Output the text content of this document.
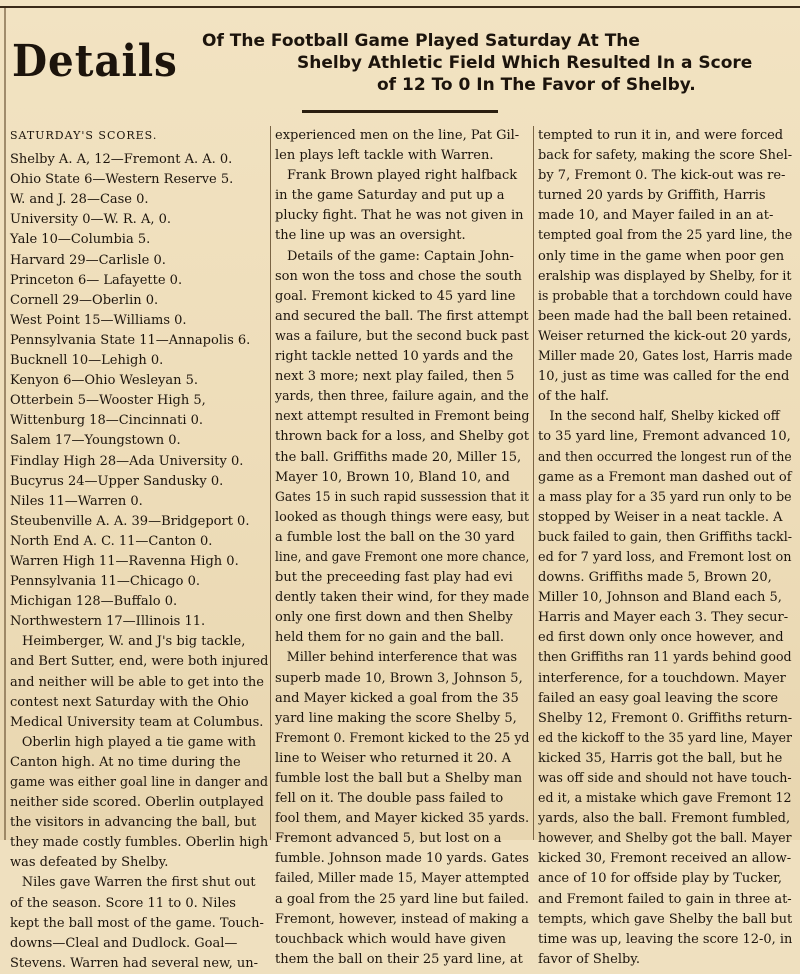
Details	Of The Football Game Played Saturday At The
Shelby Athletic Field Which Resulted In a Score
of 12 To 0 In The Favor of Shelby.
SATURDAY'S SCORES.
Shelby A. A, 12—Fremont A. A. 0.
Ohio State 6—Western Reserve 5.
W. and J. 28—Case 0.
University 0—W. R. A, 0.
Yale 10—Columbia 5.
Harvard 29—Carlisle 0.
Princeton 6— Lafayette 0.
Cornell 29—Oberlin 0.
West Point 15—Williams 0.
Pennsylvania State 11—Annapolis 6.
Bucknell 10—Lehigh 0.
Kenyon 6—Ohio Wesleyan 5.
Otterbein 5—Wooster High 5,
Wittenburg 18—Cincinnati 0.
Salem 17—Youngstown 0.
Findlay High 28—Ada University 0.
Bucyrus 24—Upper Sandusky 0.
Niles 11—Warren 0.
Steubenville A. A. 39—Bridgeport 0.
North End A. C. 11—Canton 0.
Warren High 11—Ravenna High 0.
Pennsylvania 11—Chicago 0.
Michigan 128—Buffalo 0.
Northwestern 17—Illinois 11.
Heimberger, W. and J's big tackle,
and Bert Sutter, end, were both injured
and neither will be able to get into the
contest next Saturday with the Ohio
Medical University team at Columbus.
Oberlin high played a tie game with
Canton high. At no time during the
game was either goal line in danger and
neither side scored. Oberlin outplayed
the visitors in advancing the ball, but
they made costly fumbles. Oberlin high
was defeated by Shelby.
Niles gave Warren the first shut out
of the season. Score 11 to 0. Niles
kept the ball most of the game. Touch-
downs—Cleal and Dudlock. Goal—
Stevens. Warren had several new, un-
experienced men on the line, Pat Gil-
len plays left tackle with Warren.
Frank Brown played right halfback
in the game Saturday and put up a
plucky fight. That he was not given in
the line up was an oversight.
Details of the game: Captain John-
son won the toss and chose the south
goal. Fremont kicked to 45 yard line
and secured the ball. The first attempt
was a failure, but the second buck past
right tackle netted 10 yards and the
next 3 more; next play failed, then 5
yards, then three, failure again, and the
next attempt resulted in Fremont being
thrown back for a loss, and Shelby got
the ball. Griffiths made 20, Miller 15,
Mayer 10, Brown 10, Bland 10, and
Gates 15 in such rapid sussession that it
looked as though things were easy, but
a fumble lost the ball on the 30 yard
line, and gave Fremont one more chance,
but the preceeding fast play had evi
dently taken their wind, for they made
only one first down and then Shelby
held them for no gain and the ball.
Miller behind interference that was
superb made 10, Brown 3, Johnson 5,
and Mayer kicked a goal from the 35
yard line making the score Shelby 5,
Fremont 0. Fremont kicked to the 25 yd
line to Weiser who returned it 20. A
fumble lost the ball but a Shelby man
fell on it. The double pass failed to
fool them, and Mayer kicked 35 yards.
Fremont advanced 5, but lost on a
fumble. Johnson made 10 yards. Gates
failed, Miller made 15, Mayer attempted
a goal from the 25 yard line but failed.
Fremont, however, instead of making a
touchback which would have given
them the ball on their 25 yard line, at
tempted to run it in, and were forced
back for safety, making the score Shel-
by 7, Fremont 0. The kick-out was re-
turned 20 yards by Griffith, Harris
made 10, and Mayer failed in an at-
tempted goal from the 25 yard line, the
only time in the game when poor gen
eralship was displayed by Shelby, for it
is probable that a torchdown could have
been made had the ball been retained.
Weiser returned the kick-out 20 yards,
Miller made 20, Gates lost, Harris made
10, just as time was called for the end
of the half.
In the second half, Shelby kicked off
to 35 yard line, Fremont advanced 10,
and then occurred the longest run of the
game as a Fremont man dashed out of
a mass play for a 35 yard run only to be
stopped by Weiser in a neat tackle. A
buck failed to gain, then Griffiths tackl-
ed for 7 yard loss, and Fremont lost on
downs. Griffiths made 5, Brown 20,
Miller 10, Johnson and Bland each 5,
Harris and Mayer each 3. They secur-
ed first down only once however, and
then Griffiths ran 11 yards behind good
interference, for a touchdown. Mayer
failed an easy goal leaving the score
Shelby 12, Fremont 0. Griffiths return-
ed the kickoff to the 35 yard line, Mayer
kicked 35, Harris got the ball, but he
was off side and should not have touch-
ed it, a mistake which gave Fremont 12
yards, also the ball. Fremont fumbled,
however, and Shelby got the ball. Mayer
kicked 30, Fremont received an allow-
ance of 10 for offside play by Tucker,
and Fremont failed to gain in three at-
tempts, which gave Shelby the ball but
time was up, leaving the score 12-0, in
favor of Shelby.
